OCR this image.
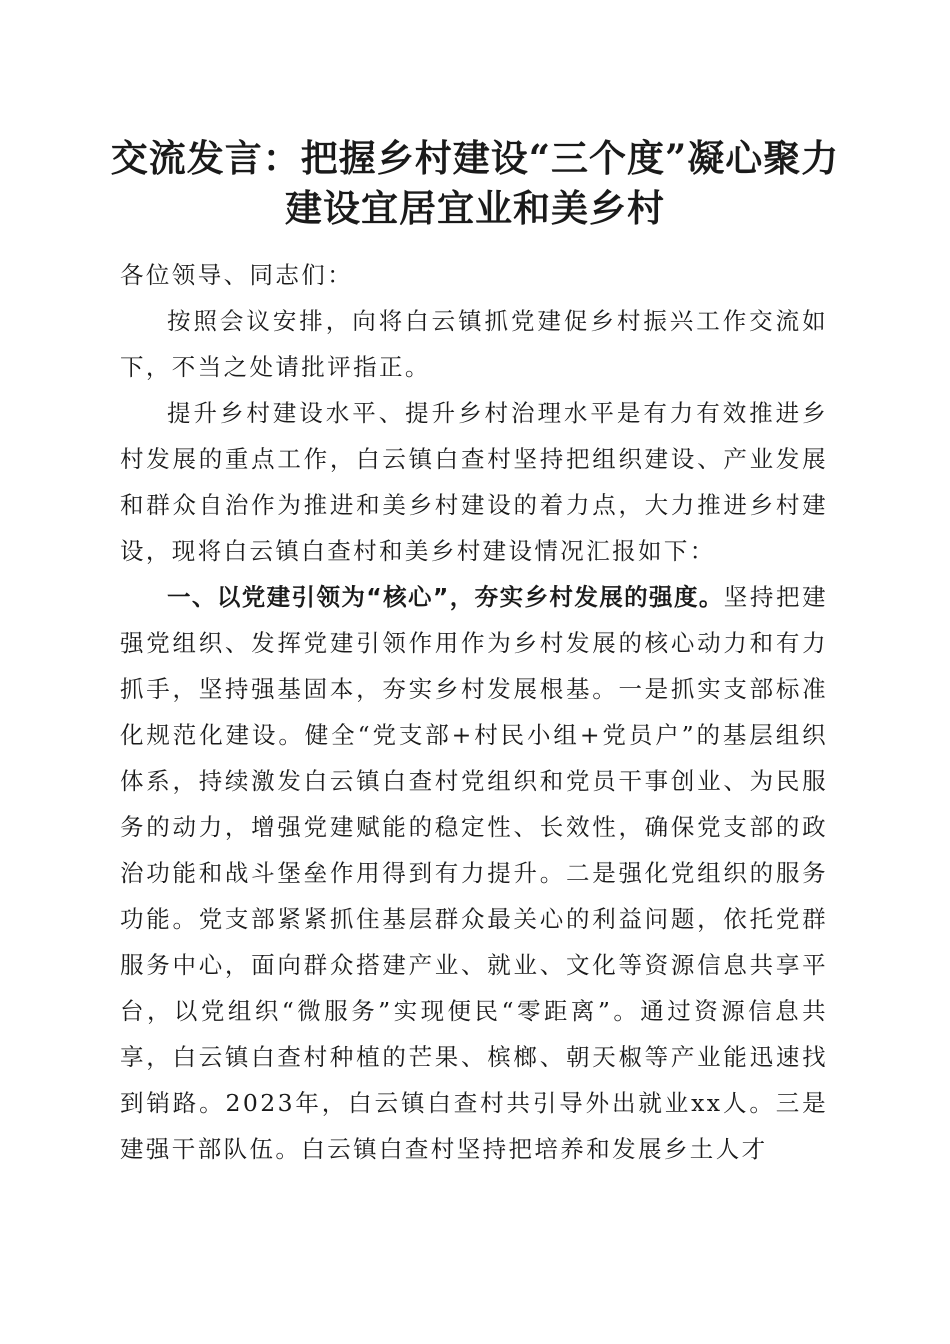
交流发言：把握乡村建设“三个度”凝心聚力
建设宜居宜业和美乡村

各位领导、同志们：

按照会议安排，向将白云镇抓党建促乡村振兴工作交流如下，不当之处请批评指正。

提升乡村建设水平、提升乡村治理水平是有力有效推进乡村发展的重点工作，白云镇白查村坚持把组织建设、产业发展和群众自治作为推进和美乡村建设的着力点，大力推进乡村建设，现将白云镇白查村和美乡村建设情况汇报如下：

一、以党建引领为“核心”，夯实乡村发展的强度。坚持把建强党组织、发挥党建引领作用作为乡村发展的核心动力和有力抓手，坚持强基固本，夯实乡村发展根基。一是抓实支部标准化规范化建设。健全“党支部+村民小组+党员户”的基层组织体系，持续激发白云镇白查村党组织和党员干事创业、为民服务的动力，增强党建赋能的稳定性、长效性，确保党支部的政治功能和战斗堡垒作用得到有力提升。二是强化党组织的服务功能。党支部紧紧抓住基层群众最关心的利益问题，依托党群服务中心，面向群众搭建产业、就业、文化等资源信息共享平台，以党组织“微服务”实现便民“零距离”。通过资源信息共享，白云镇白查村种植的芒果、槟榔、朝天椒等产业能迅速找到销路。2023年，白云镇白查村共引导外出就业xx人。三是建强干部队伍。白云镇白查村坚持把培养和发展乡土人才
